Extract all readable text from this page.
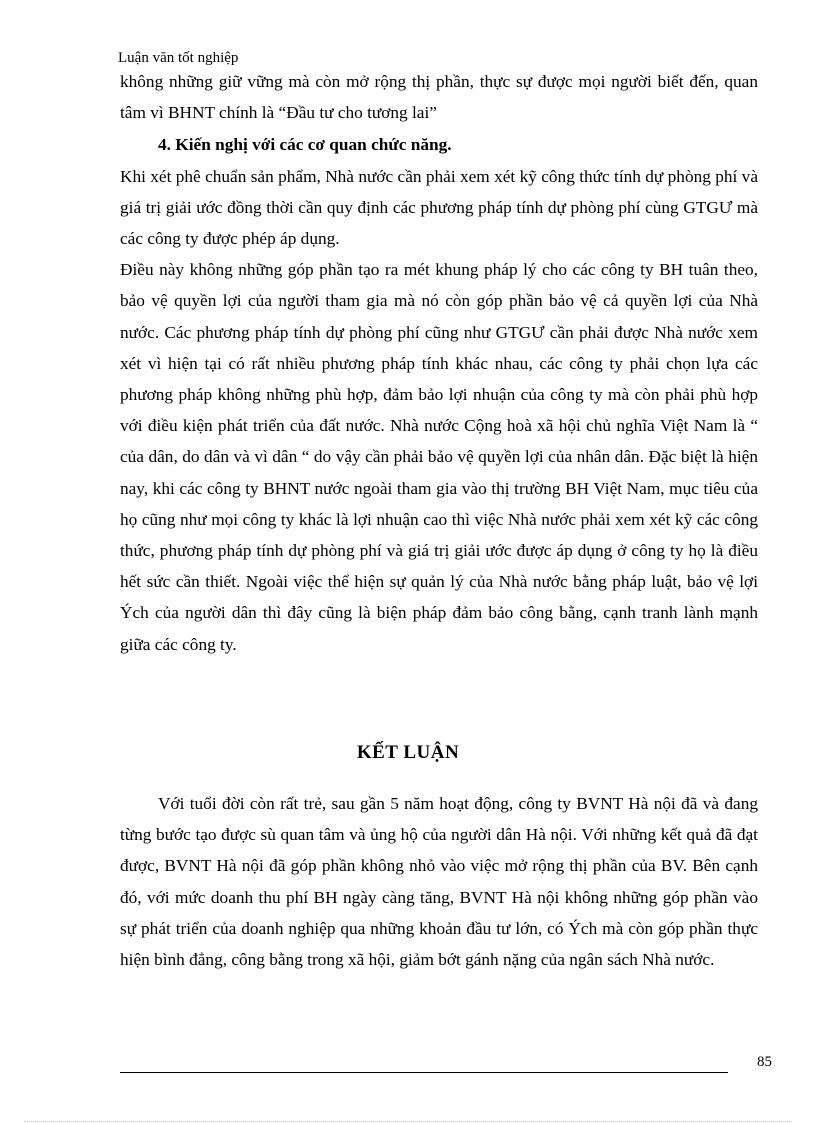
Luận văn tốt nghiệp

không những giữ vững mà còn mở rộng thị phần, thực sự được mọi người biết đến, quan tâm vì BHNT chính là “Đầu tư cho tương lai”

4. Kiến nghị với các cơ quan chức năng.

Khi xét phê chuẩn sản phẩm, Nhà nước cần phải xem xét kỹ công thức tính dự phòng phí và giá trị giải ước đồng thời cần quy định các phương pháp tính dự phòng phí cùng GTGƯ mà các công ty được phép áp dụng.

Điều này không những góp phần tạo ra mét khung pháp lý cho các công ty BH tuân theo, bảo vệ quyền lợi của người tham gia mà nó còn góp phần bảo vệ cả quyền lợi của Nhà nước. Các phương pháp tính dự phòng phí cũng như GTGƯ cần phải được Nhà nước xem xét vì hiện tại có rất nhiều phương pháp tính khác nhau, các công ty phải chọn lựa các phương pháp không những phù hợp, đảm bảo lợi nhuận của công ty mà còn phải phù hợp với điều kiện phát triển của đất nước. Nhà nước Cộng hoà xã hội chủ nghĩa Việt Nam là “ của dân, do dân và vì dân “ do vậy cần phải bảo vệ quyền lợi của nhân dân. Đặc biệt là hiện nay, khi các công ty BHNT nước ngoài tham gia vào thị trường BH Việt Nam, mục tiêu của họ cũng như mọi công ty khác là lợi nhuận cao thì việc Nhà nước phải xem xét kỹ các công thức, phương pháp tính dự phòng phí và giá trị giải ước được áp dụng ở công ty họ là điều hết sức cần thiết. Ngoài việc thể hiện sự quản lý của Nhà nước bằng pháp luật, bảo vệ lợi Ých của người dân thì đây cũng là biện pháp đảm bảo công bằng, cạnh tranh lành mạnh giữa các công ty.

KẾT LUẬN

Với tuổi đời còn rất trẻ, sau gần 5 năm hoạt động, công ty BVNT Hà nội đã và đang từng bước tạo được sù quan tâm và ủng hộ của người dân Hà nội. Với những kết quả đã đạt được, BVNT Hà nội đã góp phần không nhỏ vào việc mở rộng thị phần của BV. Bên cạnh đó, với mức doanh thu phí BH ngày càng tăng, BVNT Hà nội không những góp phần vào sự phát triển của doanh nghiệp qua những khoản đầu tư lớn, có Ých mà còn góp phần thực hiện bình đẳng, công bằng trong xã hội, giảm bớt gánh nặng của ngân sách Nhà nước.

85
